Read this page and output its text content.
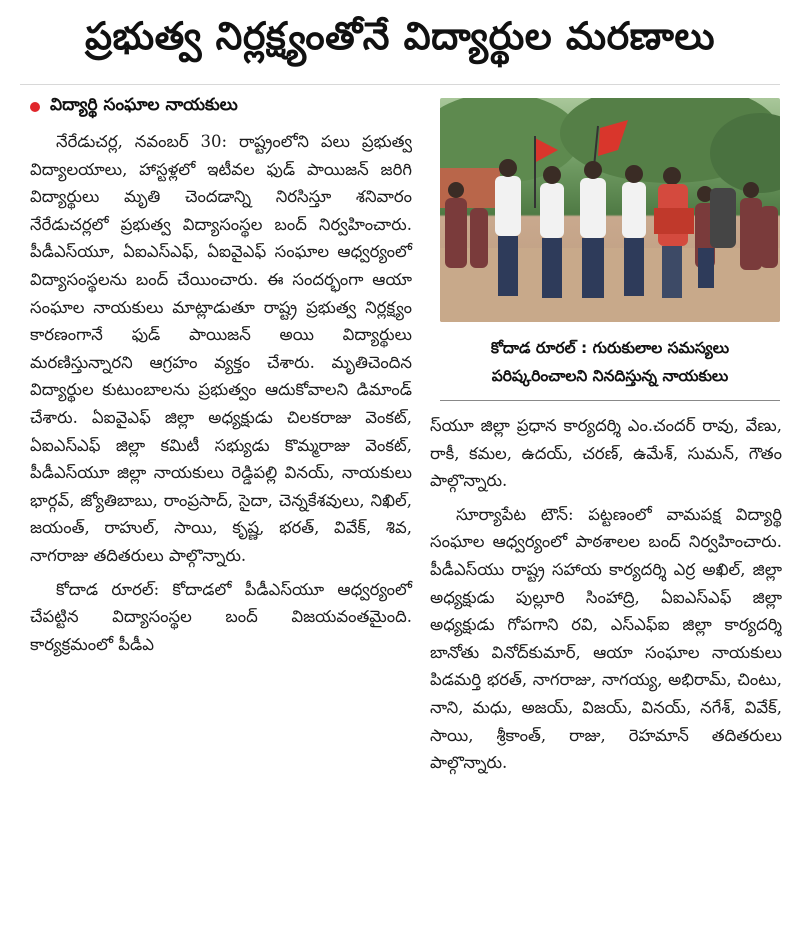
ప్రభుత్వ నిర్లక్ష్యంతోనే విద్యార్థుల మరణాలు
విద్యార్థి సంఘాల నాయకులు

నేరేడుచర్ల, నవంబర్ 30: రాష్ట్రంలోని పలు ప్రభుత్వ విద్యాలయాలు, హాస్టళ్లలో ఇటీవల ఫుడ్ పాయిజన్ జరిగి విద్యార్థులు మృతి చెందడాన్ని నిరసిస్తూ శనివారం నేరేడుచర్లలో ప్రభుత్వ విద్యాసంస్థల బంద్ నిర్వహించారు. పీడీఎస్‌యూ, ఏఐఎస్ఎఫ్, ఏఐవైఎఫ్ సంఘాల ఆధ్వర్యంలో విద్యాసంస్థలను బంద్ చేయించారు. ఈ సందర్భంగా ఆయా సంఘాల నాయకులు మాట్లాడుతూ రాష్ట్ర ప్రభుత్వ నిర్లక్ష్యం కారణంగానే ఫుడ్ పాయిజన్ అయి విద్యార్థులు మరణిస్తున్నారని ఆగ్రహం వ్యక్తం చేశారు. మృతిచెందిన విద్యార్థుల కుటుంబాలను ప్రభుత్వం ఆదుకోవాలని డిమాండ్ చేశారు. ఏఐవైఎఫ్ జిల్లా అధ్యక్షుడు చిలకరాజు వెంకట్, ఏఐఎస్ఎఫ్ జిల్లా కమిటీ సభ్యుడు కొమ్మరాజు వెంకట్, పీడీఎస్‌యూ జిల్లా నాయకులు రెడ్డిపల్లి వినయ్, నాయకులు భార్గవ్, జ్యోతిబాబు, రాంప్రసాద్, సైదా, చెన్నకేశవులు, నిఖిల్, జయంత్, రాహుల్, సాయి, కృష్ణ, భరత్, వివేక్, శివ, నాగరాజు తదితరులు పాల్గొన్నారు.

కోదాడ రూరల్: కోదాడలో పీడీఎస్‌యూ ఆధ్వర్యంలో చేపట్టిన విద్యాసంస్థల బంద్ విజయవంతమైంది. కార్యక్రమంలో పీడీఎ

కోదాడ రూరల్ : గురుకులాల సమస్యలు
పరిష్కరించాలని నినదిస్తున్న నాయకులు

స్‌యూ జిల్లా ప్రధాన కార్యదర్శి ఎం.చందర్ రావు, వేణు, రాకీ, కమల, ఉదయ్, చరణ్, ఉమేశ్, సుమన్, గౌతం పాల్గొన్నారు.

సూర్యాపేట టౌన్: పట్టణంలో వామపక్ష విద్యార్థి సంఘాల ఆధ్వర్యంలో పాఠశాలల బంద్ నిర్వహించారు. పీడీఎస్‌యు రాష్ట్ర సహాయ కార్యదర్శి ఎర్ర అఖిల్, జిల్లా అధ్యక్షుడు పుల్లూరి సింహాద్రి, ఏఐఎస్ఎఫ్ జిల్లా అధ్యక్షుడు గోపగాని రవి, ఎస్ఎఫ్ఐ జిల్లా కార్యదర్శి బానోతు వినోద్‌కుమార్, ఆయా సంఘాల నాయకులు పిడమర్తి భరత్, నాగరాజు, నాగయ్య, అభిరామ్, చింటు, నాని, మధు, అజయ్, విజయ్, వినయ్, నగేశ్, వివేక్, సాయి, శ్రీకాంత్, రాజు, రెహమాన్ తదితరులు పాల్గొన్నారు.
